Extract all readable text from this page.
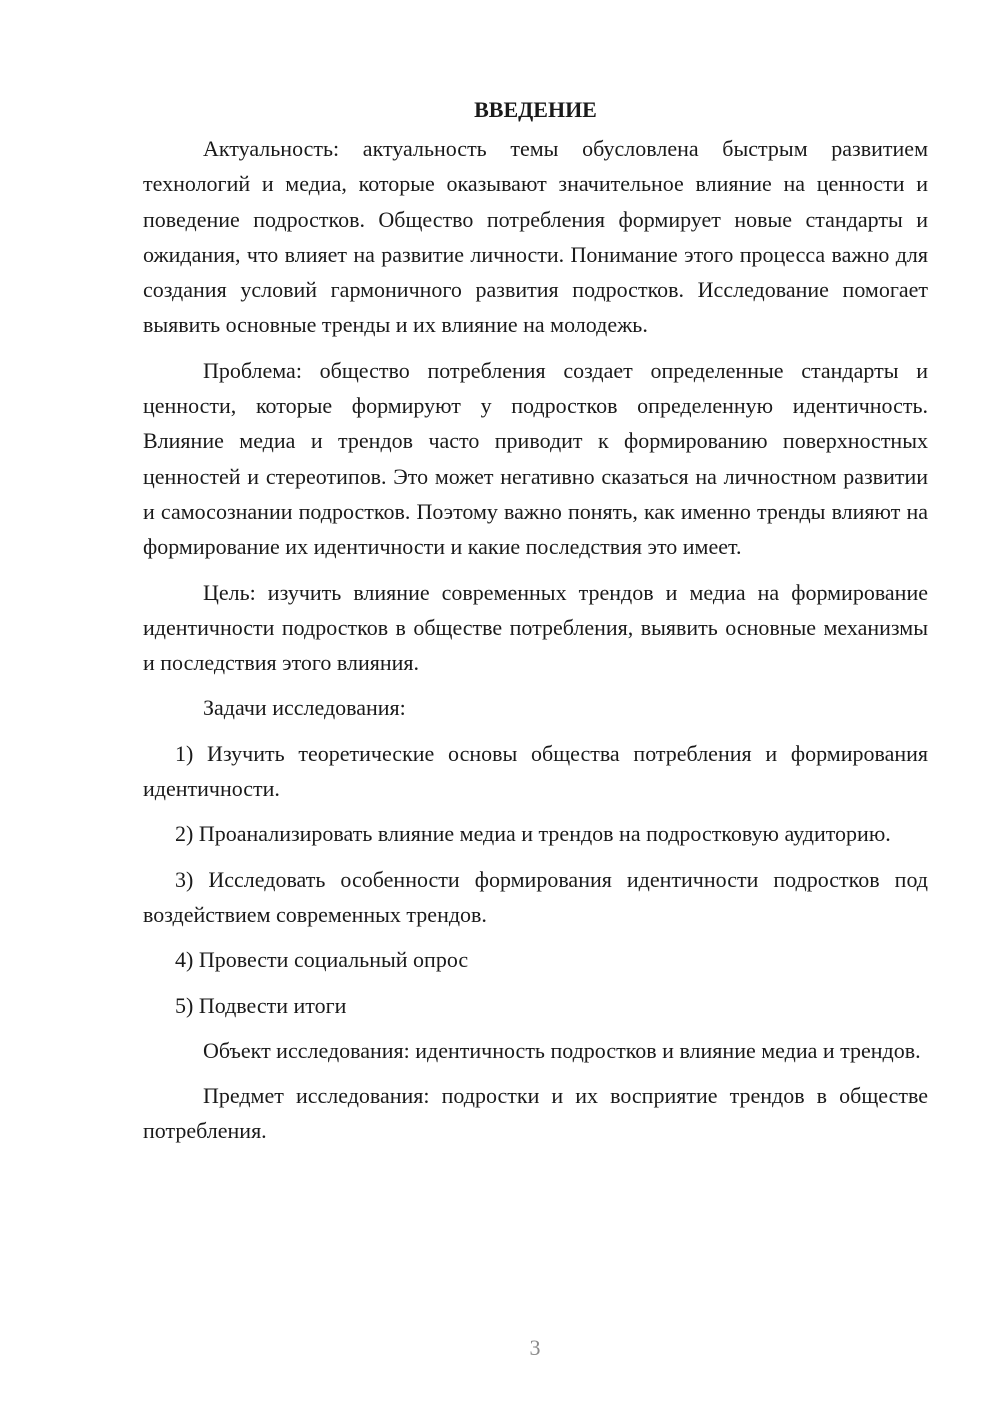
ВВЕДЕНИЕ

Актуальность: актуальность темы обусловлена быстрым развитием технологий и медиа, которые оказывают значительное влияние на ценности и поведение подростков. Общество потребления формирует новые стандарты и ожидания, что влияет на развитие личности. Понимание этого процесса важно для создания условий гармоничного развития подростков. Исследование помогает выявить основные тренды и их влияние на молодежь.

Проблема: общество потребления создает определенные стандарты и ценности, которые формируют у подростков определенную идентичность. Влияние медиа и трендов часто приводит к формированию поверхностных ценностей и стереотипов. Это может негативно сказаться на личностном развитии и самосознании подростков. Поэтому важно понять, как именно тренды влияют на формирование их идентичности и какие последствия это имеет.

Цель: изучить влияние современных трендов и медиа на формирование идентичности подростков в обществе потребления, выявить основные механизмы и последствия этого влияния.

Задачи исследования:

1) Изучить теоретические основы общества потребления и формирования идентичности.

2) Проанализировать влияние медиа и трендов на подростковую аудиторию.

3) Исследовать особенности формирования идентичности подростков под воздействием современных трендов.

4) Провести социальный опрос

5) Подвести итоги

Объект исследования: идентичность подростков и влияние медиа и трендов.

Предмет исследования: подростки и их восприятие трендов в обществе потребления.

3
